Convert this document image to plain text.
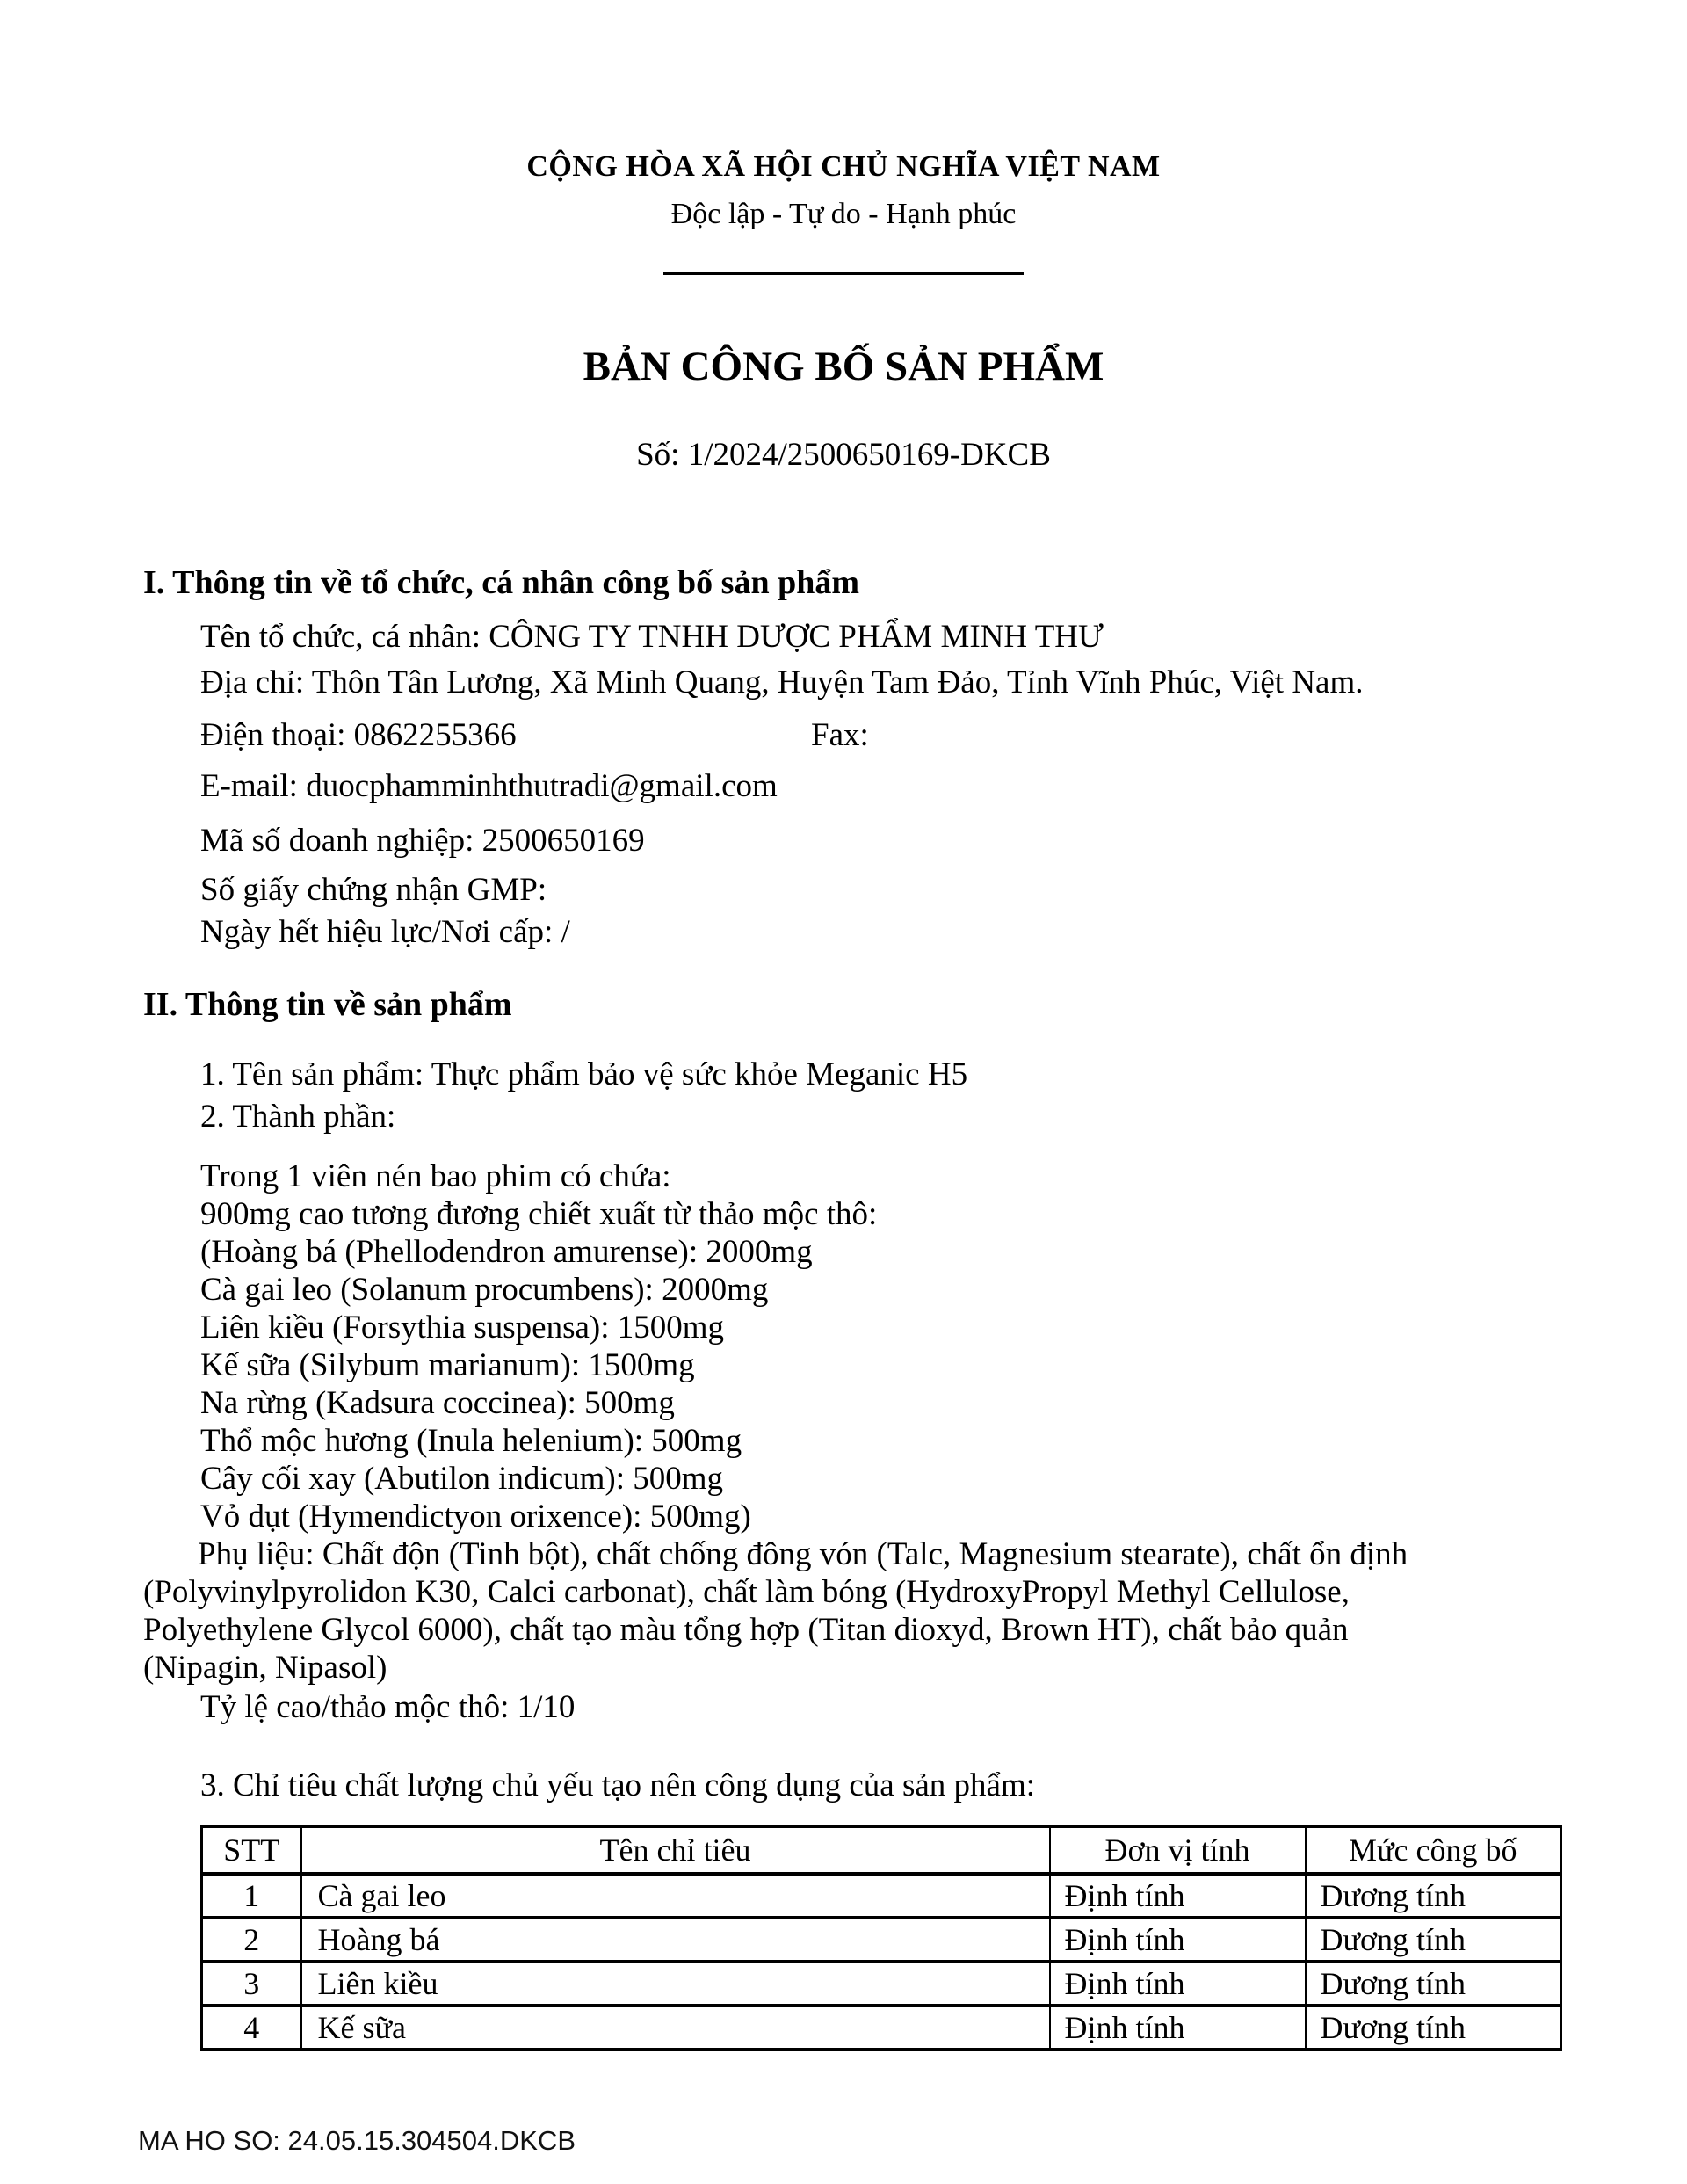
CỘNG HÒA XÃ HỘI CHỦ NGHĨA VIỆT NAM
Độc lập - Tự do - Hạnh phúc
BẢN CÔNG BỐ SẢN PHẨM
Số: 1/2024/2500650169-DKCB
I. Thông tin về tổ chức, cá nhân công bố sản phẩm

Tên tổ chức, cá nhân: CÔNG TY TNHH DƯỢC PHẨM MINH THƯ

Địa chỉ: Thôn Tân Lương, Xã Minh Quang, Huyện Tam Đảo, Tỉnh Vĩnh Phúc, Việt Nam.

Điện thoại: 0862255366	Fax:

E-mail: duocphamminhthutradi@gmail.com

Mã số doanh nghiệp: 2500650169

Số giấy chứng nhận GMP:

Ngày hết hiệu lực/Nơi cấp: /

II. Thông tin về sản phẩm

1. Tên sản phẩm: Thực phẩm bảo vệ sức khỏe Meganic H5

2. Thành phần:

Trong 1 viên nén bao phim có chứa:

900mg cao tương đương chiết xuất từ thảo mộc thô:

(Hoàng bá (Phellodendron amurense): 2000mg

Cà gai leo (Solanum procumbens): 2000mg

Liên kiều (Forsythia suspensa): 1500mg

Kế sữa (Silybum marianum): 1500mg

Na rừng (Kadsura coccinea): 500mg

Thổ mộc hương (Inula helenium): 500mg

Cây cối xay (Abutilon indicum): 500mg

Vỏ dụt (Hymendictyon orixence): 500mg)

Phụ liệu: Chất độn (Tinh bột), chất chống đông vón (Talc, Magnesium stearate), chất ổn định

(Polyvinylpyrolidon K30, Calci carbonat), chất làm bóng (HydroxyPropyl Methyl Cellulose,

Polyethylene Glycol 6000), chất tạo màu tổng hợp (Titan dioxyd, Brown HT), chất bảo quản

(Nipagin, Nipasol)

Tỷ lệ cao/thảo mộc thô: 1/10

3. Chỉ tiêu chất lượng chủ yếu tạo nên công dụng của sản phẩm:

STT	Tên chỉ tiêu	Đơn vị tính	Mức công bố
1	Cà gai leo	Định tính	Dương tính
2	Hoàng bá	Định tính	Dương tính
3	Liên kiều	Định tính	Dương tính
4	Kế sữa	Định tính	Dương tính
MA HO SO: 24.05.15.304504.DKCB
